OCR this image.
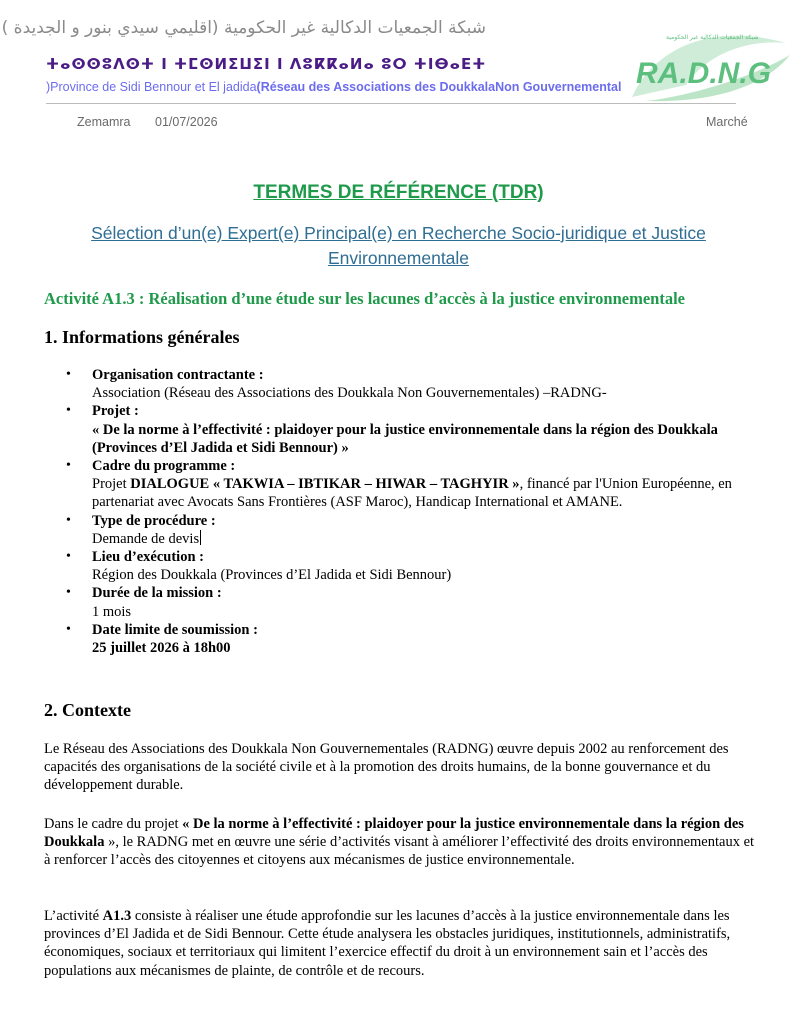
شبكة الجمعيات الدكالية غير الحكومية (اقليمي سيدي بنور و الجديدة )
ⵜⴰⵙⵙⵓⴷⵙⵜ ⵏ ⵜⵎⵙⵍⵉⵡⵉⵏ ⵏ ⴷⵓⴽⴽⴰⵍⴰ ⵓⵔ ⵜⵏⴱⴰⴹⵜ
)Province de Sidi Bennour et El jadida(Réseau des Associations des DoukkalaNon Gouvernemental RA.D.N.G
شبكة الجمعيات الدكالية غير الحكومية
Zemamra 01/07/2026	Marché
TERMES DE RÉFÉRENCE (TDR)
Sélection d’un(e) Expert(e) Principal(e) en Recherche Socio-juridique et Justice Environnementale
Activité A1.3 : Réalisation d’une étude sur les lacunes d’accès à la justice environnementale
1. Informations générales
• Organisation contractante :
Association (Réseau des Associations des Doukkala Non Gouvernementales) –RADNG-
• Projet :
« De la norme à l’effectivité : plaidoyer pour la justice environnementale dans la région des Doukkala (Provinces d’El Jadida et Sidi Bennour) »
• Cadre du programme :
Projet DIALOGUE « TAKWIA – IBTIKAR – HIWAR – TAGHYIR », financé par l'Union Européenne, en partenariat avec Avocats Sans Frontières (ASF Maroc), Handicap International et AMANE.
• Type de procédure :
Demande de devis
• Lieu d’exécution :
Région des Doukkala (Provinces d’El Jadida et Sidi Bennour)
• Durée de la mission :
1 mois
• Date limite de soumission :
25 juillet 2026 à 18h00
2. Contexte

Le Réseau des Associations des Doukkala Non Gouvernementales (RADNG) œuvre depuis 2002 au renforcement des capacités des organisations de la société civile et à la promotion des droits humains, de la bonne gouvernance et du développement durable.

Dans le cadre du projet « De la norme à l’effectivité : plaidoyer pour la justice environnementale dans la région des Doukkala », le RADNG met en œuvre une série d’activités visant à améliorer l’effectivité des droits environnementaux et à renforcer l’accès des citoyennes et citoyens aux mécanismes de justice environnementale.

L’activité A1.3 consiste à réaliser une étude approfondie sur les lacunes d’accès à la justice environnementale dans les provinces d’El Jadida et de Sidi Bennour. Cette étude analysera les obstacles juridiques, institutionnels, administratifs, économiques, sociaux et territoriaux qui limitent l’exercice effectif du droit à un environnement sain et l’accès des populations aux mécanismes de plainte, de contrôle et de recours.
